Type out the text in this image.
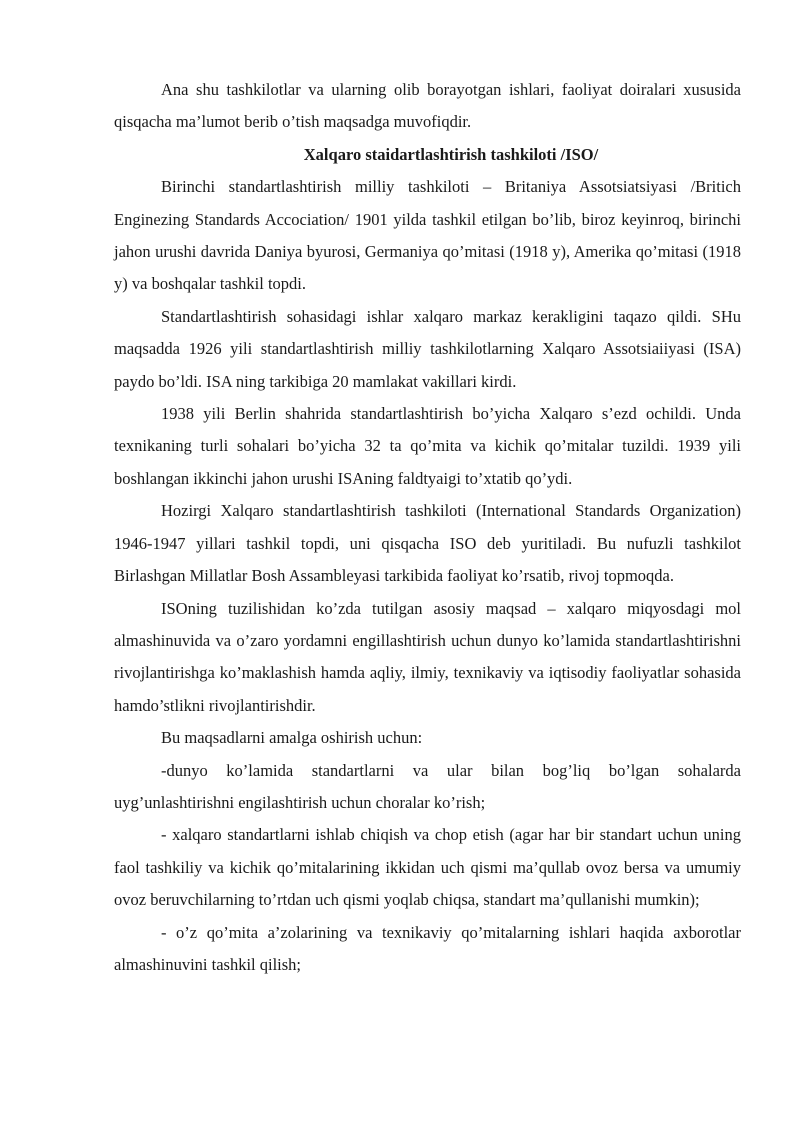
Ana shu tashkilotlar va ularning olib borayotgan ishlari, faoliyat doiralari xususida qisqacha ma’lumot berib o’tish maqsadga muvofiqdir.

Xalqaro staidartlashtirish tashkiloti /ISO/

Birinchi standartlashtirish milliy tashkiloti – Britaniya Assotsiatsiyasi /Britich Enginezing Standards Accociation/ 1901 yilda tashkil etilgan bo’lib, biroz keyinroq, birinchi jahon urushi davrida Daniya byurosi, Germaniya qo’mitasi (1918 y), Amerika qo’mitasi (1918 y) va boshqalar tashkil topdi.

Standartlashtirish sohasidagi ishlar xalqaro markaz kerakligini taqazo qildi. SHu maqsadda 1926 yili standartlashtirish milliy tashkilotlarning Xalqaro Assotsiaiiyasi (ISA) paydo bo’ldi. ISA ning tarkibiga 20 mamlakat vakillari kirdi.

1938 yili Berlin shahrida standartlashtirish bo’yicha Xalqaro s’ezd ochildi. Unda texnikaning turli sohalari bo’yicha 32 ta qo’mita va kichik qo’mitalar tuzildi. 1939 yili boshlangan ikkinchi jahon urushi ISAning faldtyaigi to’xtatib qo’ydi.

Hozirgi Xalqaro standartlashtirish tashkiloti (International Standards Organization) 1946-1947 yillari tashkil topdi, uni qisqacha ISO deb yuritiladi. Bu nufuzli tashkilot Birlashgan Millatlar Bosh Assambleyasi tarkibida faoliyat ko’rsatib, rivoj topmoqda.

ISOning tuzilishidan ko’zda tutilgan asosiy maqsad – xalqaro miqyosdagi mol almashinuvida va o’zaro yordamni engillashtirish uchun dunyo ko’lamida standartlashtirishni rivojlantirishga ko’maklashish hamda aqliy, ilmiy, texnikaviy va iqtisodiy faoliyatlar sohasida hamdo’stlikni rivojlantirishdir.

Bu maqsadlarni amalga oshirish uchun:

-dunyo ko’lamida standartlarni va ular bilan bog’liq bo’lgan sohalarda uyg’unlashtirishni engilashtirish uchun choralar ko’rish;

- xalqaro standartlarni ishlab chiqish va chop etish (agar har bir standart uchun uning faol tashkiliy va kichik qo’mitalarining ikkidan uch qismi ma’qullab ovoz bersa va umumiy ovoz beruvchilarning to’rtdan uch qismi yoqlab chiqsa, standart ma’qullanishi mumkin);

- o’z qo’mita a’zolarining va texnikaviy qo’mitalarning ishlari haqida axborotlar almashinuvini tashkil qilish;
